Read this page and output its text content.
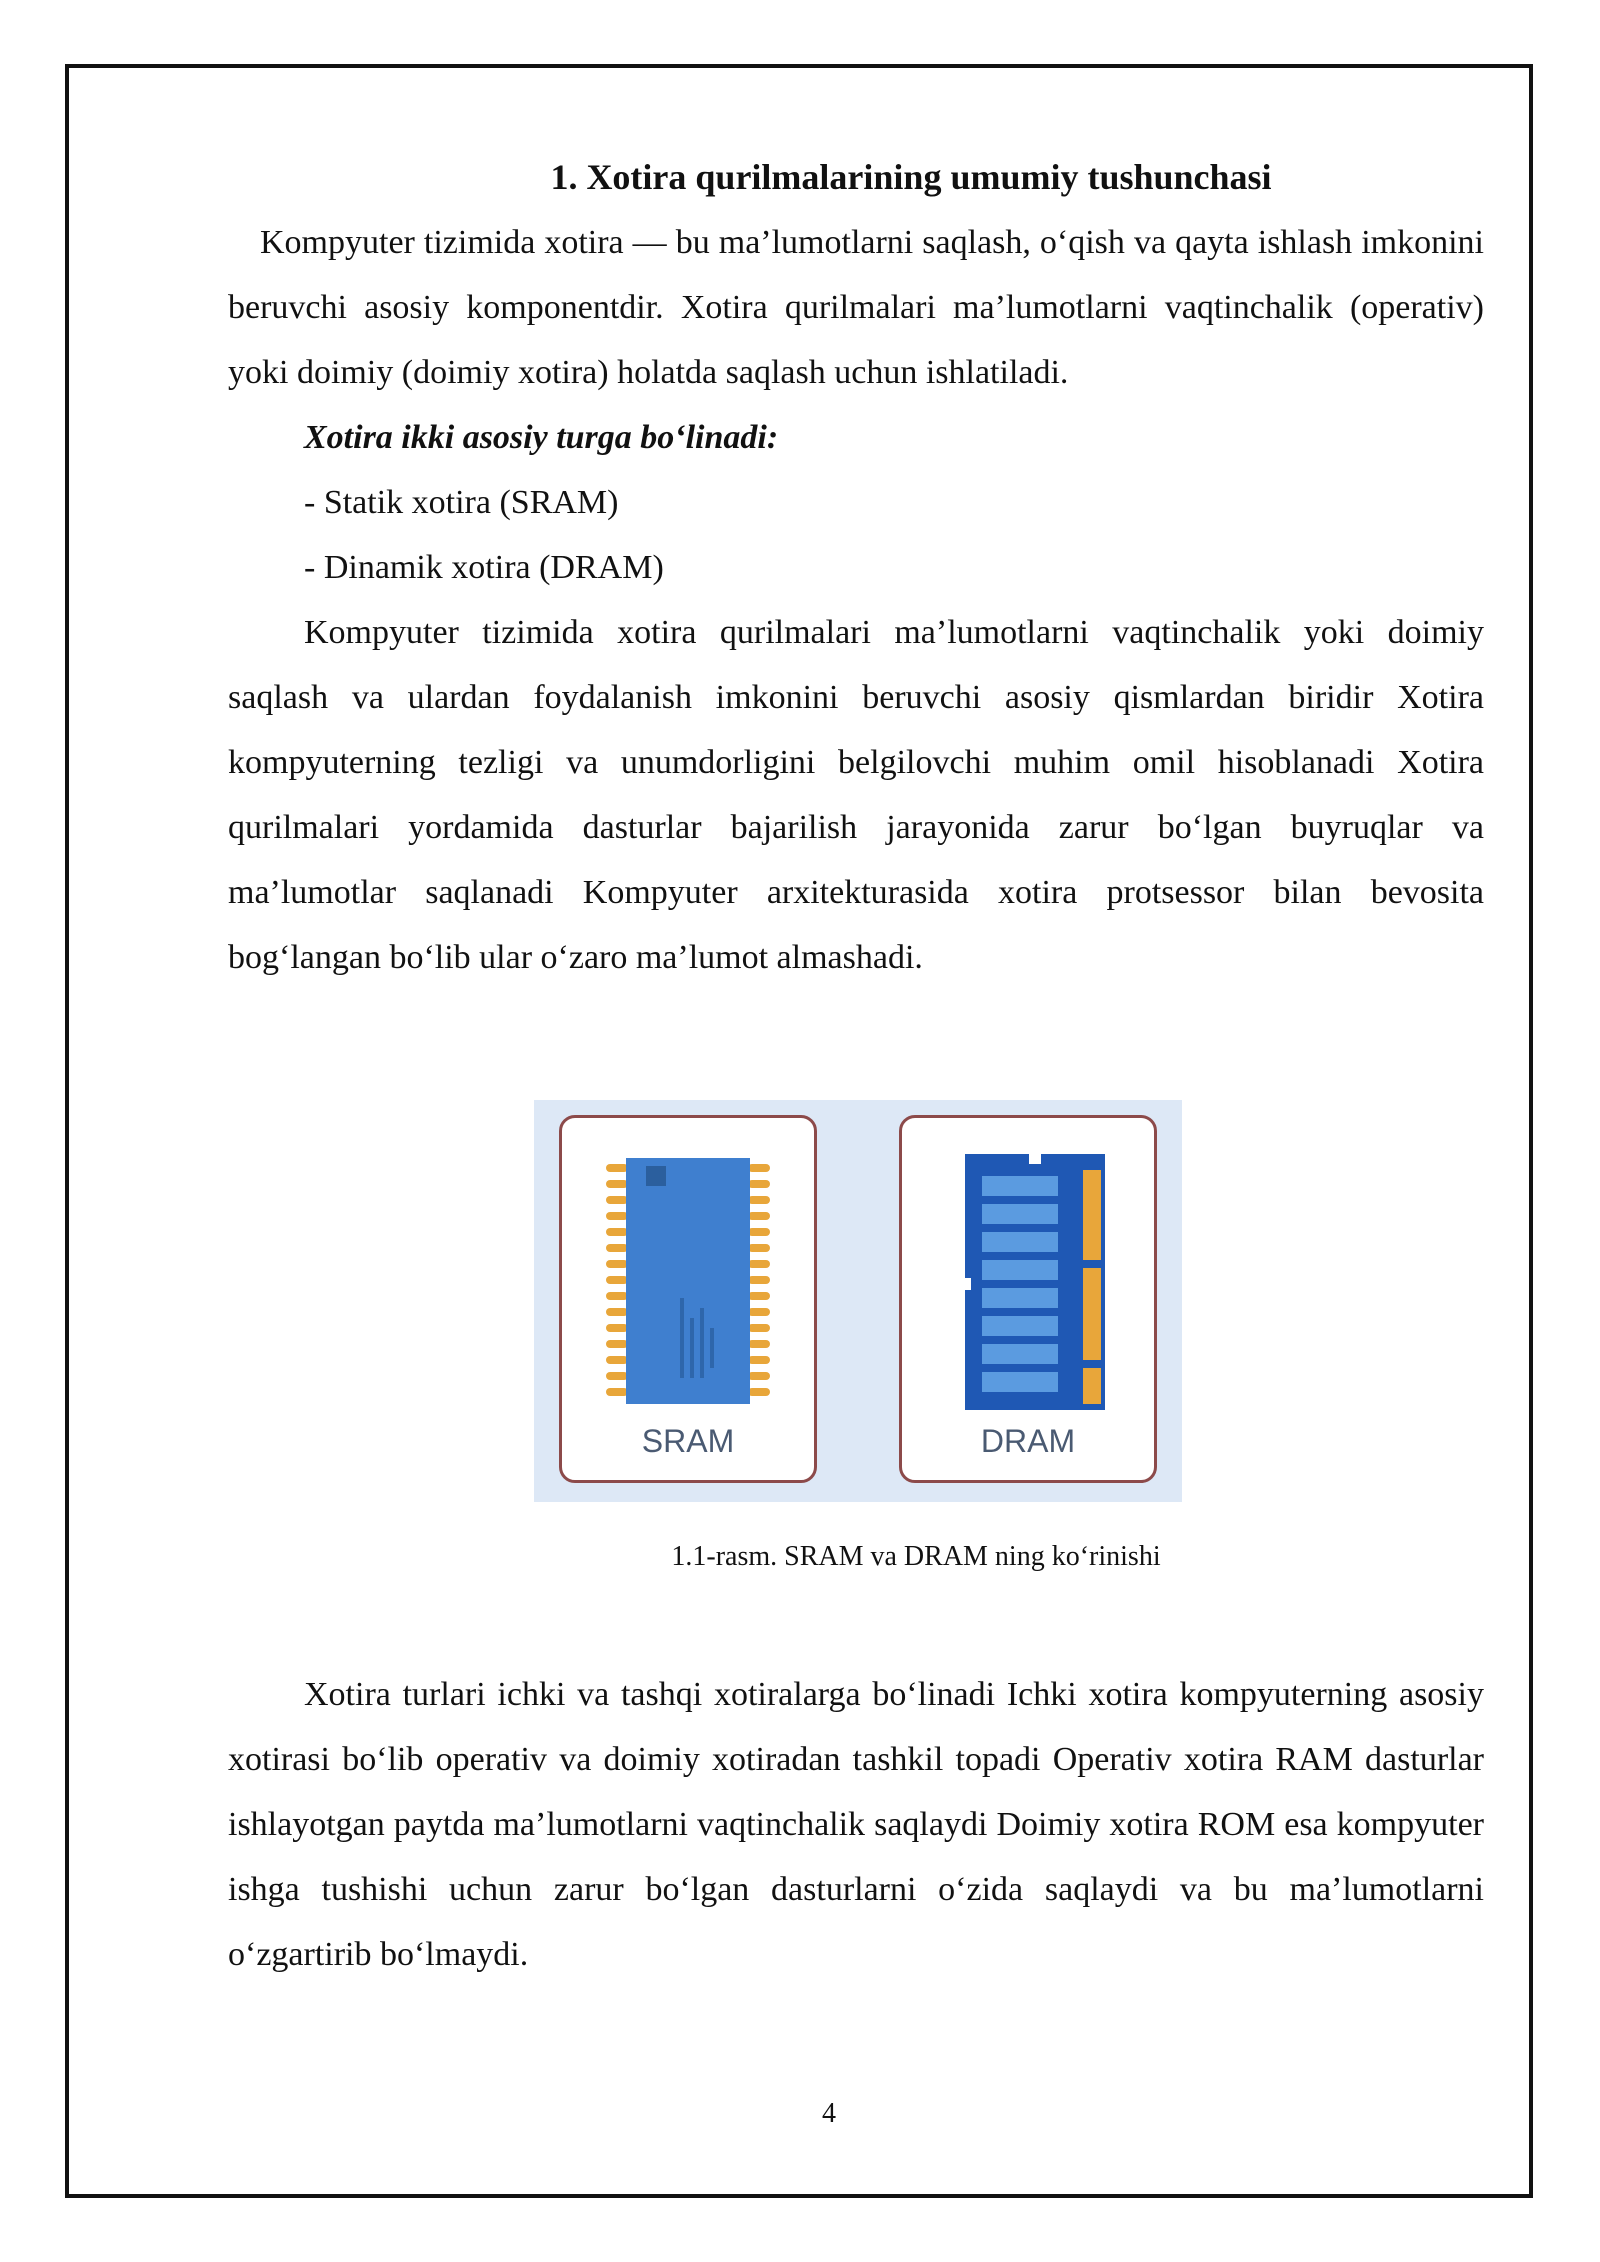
1. Xotira qurilmalarining umumiy tushunchasi

Kompyuter tizimida xotira — bu ma’lumotlarni saqlash, o‘qish va qayta ishlash imkonini beruvchi asosiy komponentdir. Xotira qurilmalari ma’lumotlarni vaqtinchalik (operativ) yoki doimiy (doimiy xotira) holatda saqlash uchun ishlatiladi.

Xotira ikki asosiy turga bo‘linadi:

- Statik xotira (SRAM)

- Dinamik xotira (DRAM)

Kompyuter tizimida xotira qurilmalari ma’lumotlarni vaqtinchalik yoki doimiy saqlash va ulardan foydalanish imkonini beruvchi asosiy qismlardan biridir Xotira kompyuterning tezligi va unumdorligini belgilovchi muhim omil hisoblanadi Xotira qurilmalari yordamida dasturlar bajarilish jarayonida zarur bo‘lgan buyruqlar va ma’lumotlar saqlanadi Kompyuter arxitekturasida xotira protsessor bilan bevosita bog‘langan bo‘lib ular o‘zaro ma’lumot almashadi.

SRAM	DRAM

1.1-rasm. SRAM va DRAM ning ko‘rinishi

Xotira turlari ichki va tashqi xotiralarga bo‘linadi Ichki xotira kompyuterning asosiy xotirasi bo‘lib operativ va doimiy xotiradan tashkil topadi Operativ xotira RAM dasturlar ishlayotgan paytda ma’lumotlarni vaqtinchalik saqlaydi Doimiy xotira ROM esa kompyuter ishga tushishi uchun zarur bo‘lgan dasturlarni o‘zida saqlaydi va bu ma’lumotlarni o‘zgartirib bo‘lmaydi.

4
